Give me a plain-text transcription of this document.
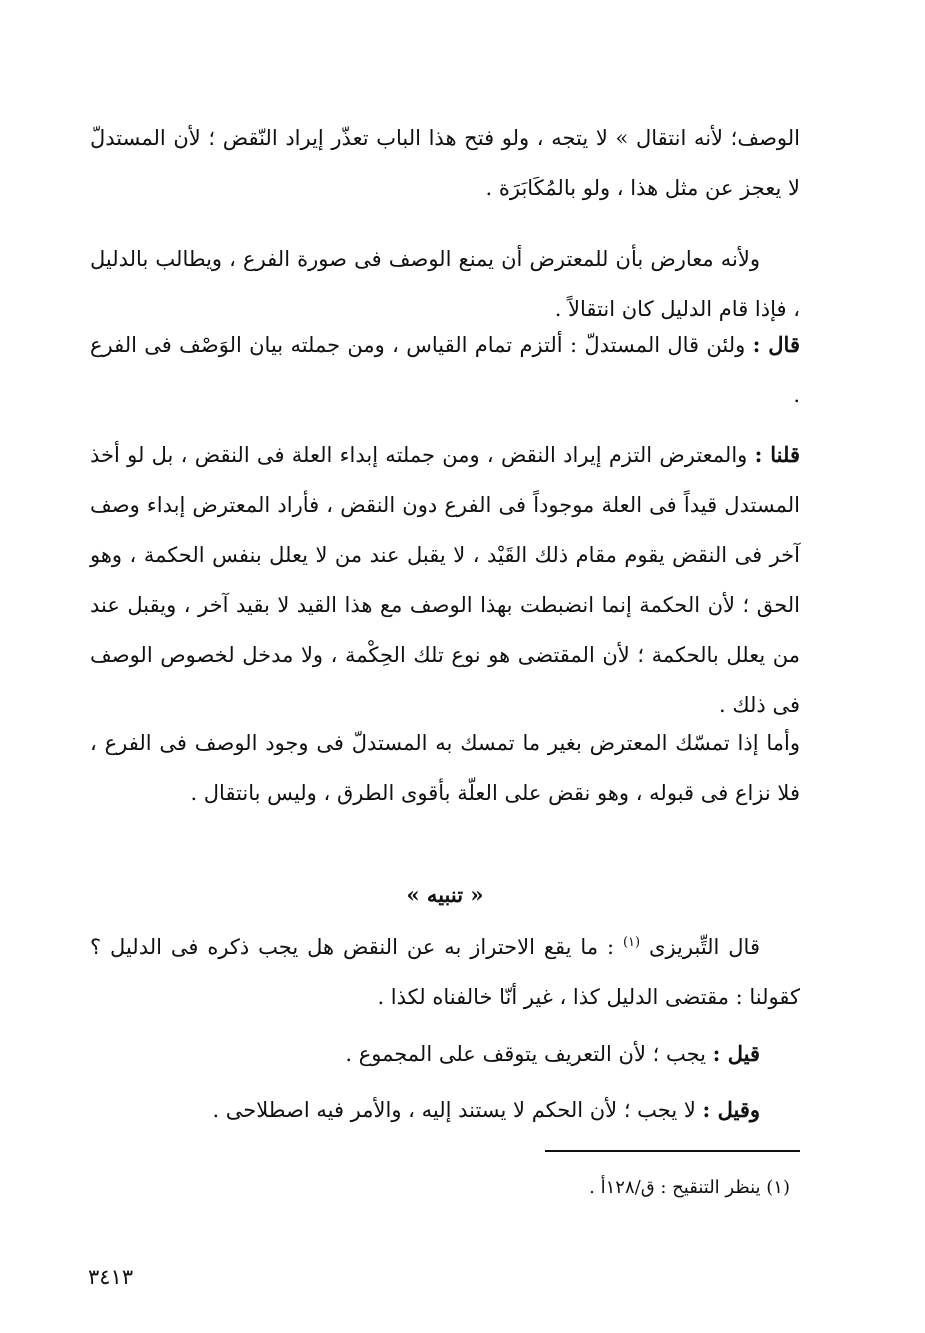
الوصف؛ لأنه انتقال » لا يتجه ، ولو فتح هذا الباب تعذّر إيراد النّقض ؛ لأن المستدلّ لا يعجز عن مثل هذا ، ولو بالمُكَابَرَة .
ولأنه معارض بأن للمعترض أن يمنع الوصف فى صورة الفرع ، ويطالب بالدليل ، فإذا قام الدليل كان انتقالاً .
قال : ولئن قال المستدلّ : ألتزم تمام القياس ، ومن جملته بيان الوَصْف فى الفرع .
قلنا : والمعترض التزم إيراد النقض ، ومن جملته إبداء العلة فى النقض ، بل لو أخذ المستدل قيداً فى العلة موجوداً فى الفرع دون النقض ، فأراد المعترض إبداء وصف آخر فى النقض يقوم مقام ذلك القَيْد ، لا يقبل عند من لا يعلل بنفس الحكمة ، وهو الحق ؛ لأن الحكمة إنما انضبطت بهذا الوصف مع هذا القيد لا بقيد آخر ، ويقبل عند من يعلل بالحكمة ؛ لأن المقتضى هو نوع تلك الحِكْمة ، ولا مدخل لخصوص الوصف فى ذلك .
وأما إذا تمسّك المعترض بغير ما تمسك به المستدلّ فى وجود الوصف فى الفرع ، فلا نزاع فى قبوله ، وهو نقض على العلّة بأقوى الطرق ، وليس بانتقال .
« تنبيه »
قال التِّبريزى $^{(١)}$ : ما يقع الاحتراز به عن النقض هل يجب ذكره فى الدليل ؟ كقولنا : مقتضى الدليل كذا ، غير أنّا خالفناه لكذا .
قيل : يجب ؛ لأن التعريف يتوقف على المجموع .
وقيل : لا يجب ؛ لأن الحكم لا يستند إليه ، والأمر فيه اصطلاحى .
(١) ينظر التنقيح : ق/١٢٨أ .
٣٤١٣
